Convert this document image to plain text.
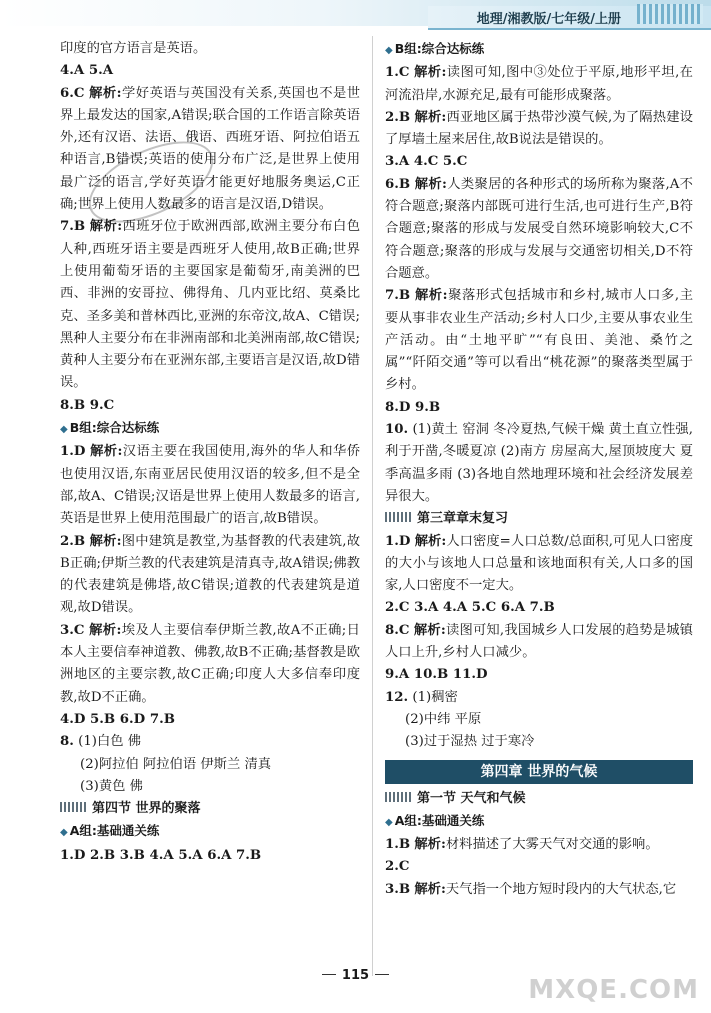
地理/湘教版/七年级/上册
印度的官方语言是英语。
4.A 5.A
6.C 解析:学好英语与英国没有关系,英国也不是世界上最发达的国家,A错误;联合国的工作语言除英语外,还有汉语、法语、俄语、西班牙语、阿拉伯语五种语言,B错误;英语的使用分布广泛,是世界上使用最广泛的语言,学好英语才能更好地服务奥运,C正确;世界上使用人数最多的语言是汉语,D错误。
7.B 解析:西班牙位于欧洲西部,欧洲主要分布白色人种,西班牙语主要是西班牙人使用,故B正确;世界上使用葡萄牙语的主要国家是葡萄牙,南美洲的巴西、非洲的安哥拉、佛得角、几内亚比绍、莫桑比克、圣多美和普林西比,亚洲的东帝汶,故A、C错误;黑种人主要分布在非洲南部和北美洲南部,故C错误;黄种人主要分布在亚洲东部,主要语言是汉语,故D错误。
8.B 9.C
◆ B组:综合达标练
1.D 解析:汉语主要在我国使用,海外的华人和华侨也使用汉语,东南亚居民使用汉语的较多,但不是全部,故A、C错误;汉语是世界上使用人数最多的语言,英语是世界上使用范围最广的语言,故B错误。
2.B 解析:图中建筑是教堂,为基督教的代表建筑,故B正确;伊斯兰教的代表建筑是清真寺,故A错误;佛教的代表建筑是佛塔,故C错误;道教的代表建筑是道观,故D错误。
3.C 解析:埃及人主要信奉伊斯兰教,故A不正确;日本人主要信奉神道教、佛教,故B不正确;基督教是欧洲地区的主要宗教,故C正确;印度人大多信奉印度教,故D不正确。
4.D 5.B 6.D 7.B
8. (1)白色 佛
(2)阿拉伯 阿拉伯语 伊斯兰 清真
(3)黄色 佛
第四节 世界的聚落
◆ A组:基础通关练
1.D 2.B 3.B 4.A 5.A 6.A 7.B
◆ B组:综合达标练
1.C 解析:读图可知,图中③处位于平原,地形平坦,在河流沿岸,水源充足,最有可能形成聚落。
2.B 解析:西亚地区属于热带沙漠气候,为了隔热建设了厚墙土屋来居住,故B说法是错误的。
3.A 4.C 5.C
6.B 解析:人类聚居的各种形式的场所称为聚落,A不符合题意;聚落内部既可进行生活,也可进行生产,B符合题意;聚落的形成与发展受自然环境影响较大,C不符合题意;聚落的形成与发展与交通密切相关,D不符合题意。
7.B 解析:聚落形式包括城市和乡村,城市人口多,主要从事非农业生产活动;乡村人口少,主要从事农业生产活动。由“土地平旷”“有良田、美池、桑竹之属”“阡陌交通”等可以看出“桃花源”的聚落类型属于乡村。
8.D 9.B
10. (1)黄土 窑洞 冬冷夏热,气候干燥 黄土直立性强,利于开凿,冬暖夏凉 (2)南方 房屋高大,屋顶坡度大 夏季高温多雨 (3)各地自然地理环境和社会经济发展差异很大。
第三章章末复习
1.D 解析:人口密度=人口总数/总面积,可见人口密度的大小与该地人口总量和该地面积有关,人口多的国家,人口密度不一定大。
2.C 3.A 4.A 5.C 6.A 7.B
8.C 解析:读图可知,我国城乡人口发展的趋势是城镇人口上升,乡村人口减少。
9.A 10.B 11.D
12. (1)稠密
(2)中纬 平原
(3)过于湿热 过于寒冷
第四章 世界的气候
第一节 天气和气候
◆ A组:基础通关练
1.B 解析:材料描述了大雾天气对交通的影响。
2.C
3.B 解析:天气指一个地方短时段内的大气状态,它
115	MXQE.COM
